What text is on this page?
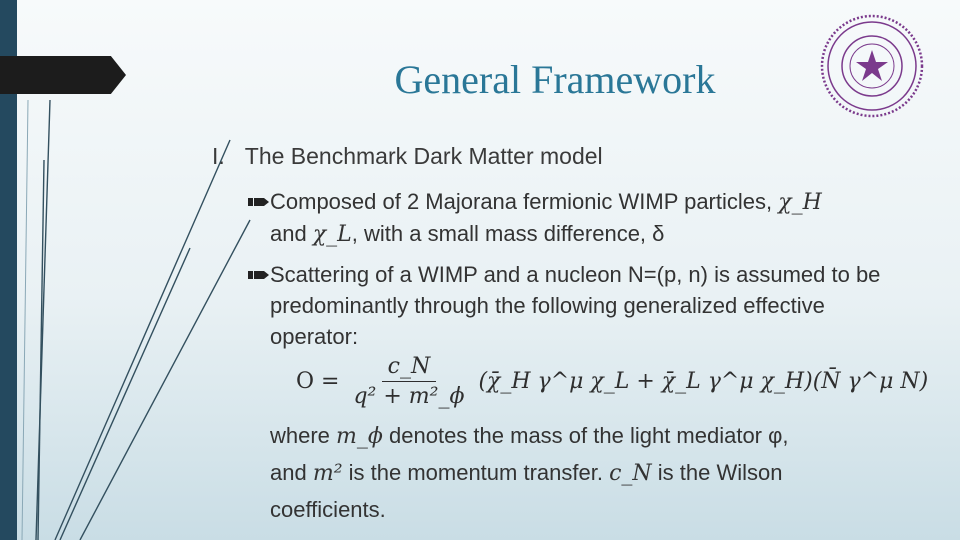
General Framework
I. The Benchmark Dark Matter model
Composed of 2 Majorana fermionic WIMP particles, χ_H
and χ_L, with a small mass difference, δ
Scattering of a WIMP and a nucleon N=(p, n) is assumed to be predominantly through the following generalized effective operator:
$O = \frac{c\_N}{\text{q² + m²\_ϕ}}$ (χ̄_H γ^μ χ_L + χ̄_L γ^μ χ_H)(N̄ γ^μ N)
where m_ϕ denotes the mass of the light mediator φ,
and m² is the momentum transfer. c_N is the Wilson coefficients.
